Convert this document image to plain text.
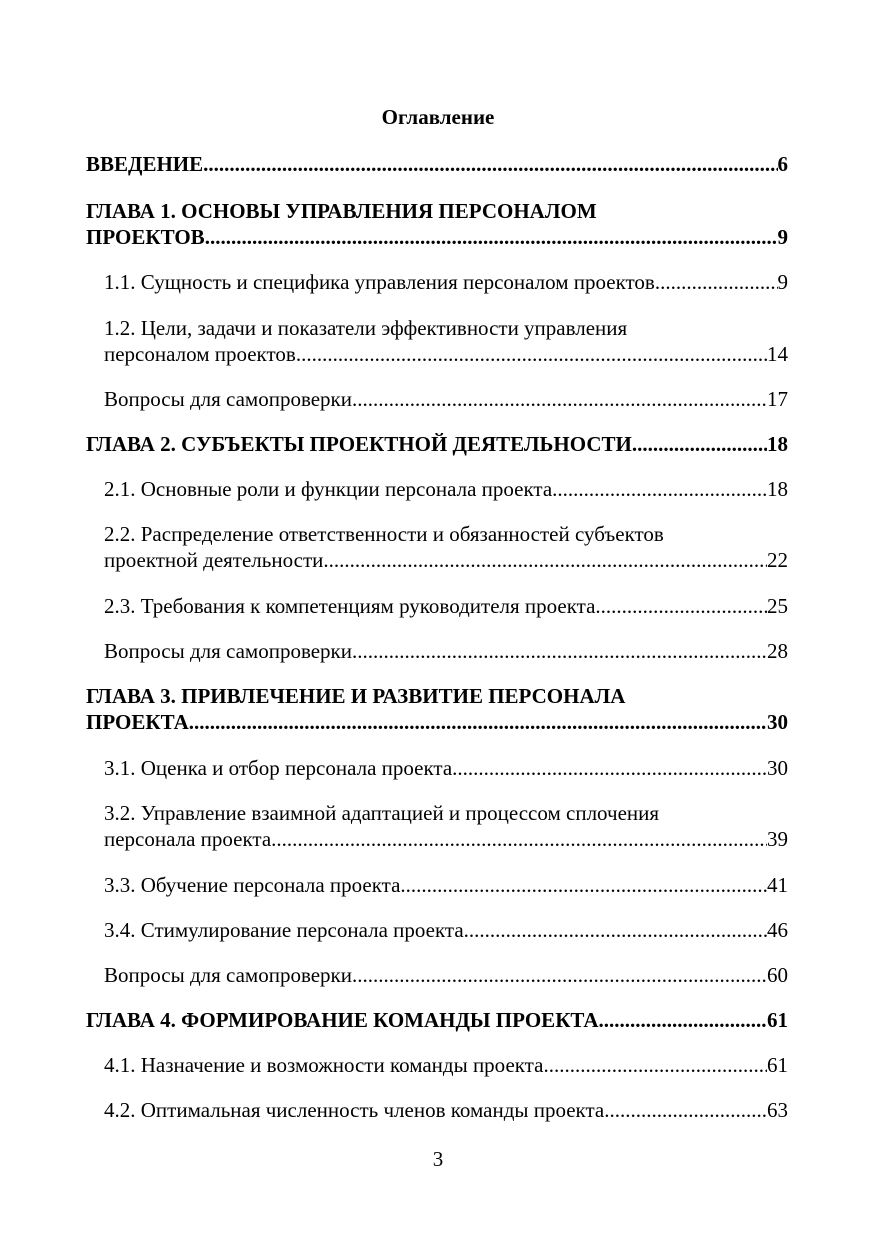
Оглавление
ВВЕДЕНИЕ .....	6
ГЛАВА 1. ОСНОВЫ УПРАВЛЕНИЯ ПЕРСОНАЛОМ
ПРОЕКТОВ .....	9
1.1. Сущность и специфика управления персоналом проектов .....	9
1.2. Цели, задачи и показатели эффективности управления
персоналом проектов .....	14
Вопросы для самопроверки .....	17
ГЛАВА 2. СУБЪЕКТЫ ПРОЕКТНОЙ ДЕЯТЕЛЬНОСТИ .....	18
2.1. Основные роли и функции персонала проекта .....	18
2.2. Распределение ответственности и обязанностей субъектов
проектной деятельности .....	22
2.3. Требования к компетенциям руководителя проекта .....	25
Вопросы для самопроверки .....	28
ГЛАВА 3. ПРИВЛЕЧЕНИЕ И РАЗВИТИЕ ПЕРСОНАЛА
ПРОЕКТА .....	30
3.1. Оценка и отбор персонала проекта .....	30
3.2. Управление взаимной адаптацией и процессом сплочения
персонала проекта .....	39
3.3. Обучение персонала проекта .....	41
3.4. Стимулирование персонала проекта .....	46
Вопросы для самопроверки .....	60
ГЛАВА 4. ФОРМИРОВАНИЕ КОМАНДЫ ПРОЕКТА .....	61
4.1. Назначение и возможности команды проекта .....	61
4.2. Оптимальная численность членов команды проекта .....	63
3
